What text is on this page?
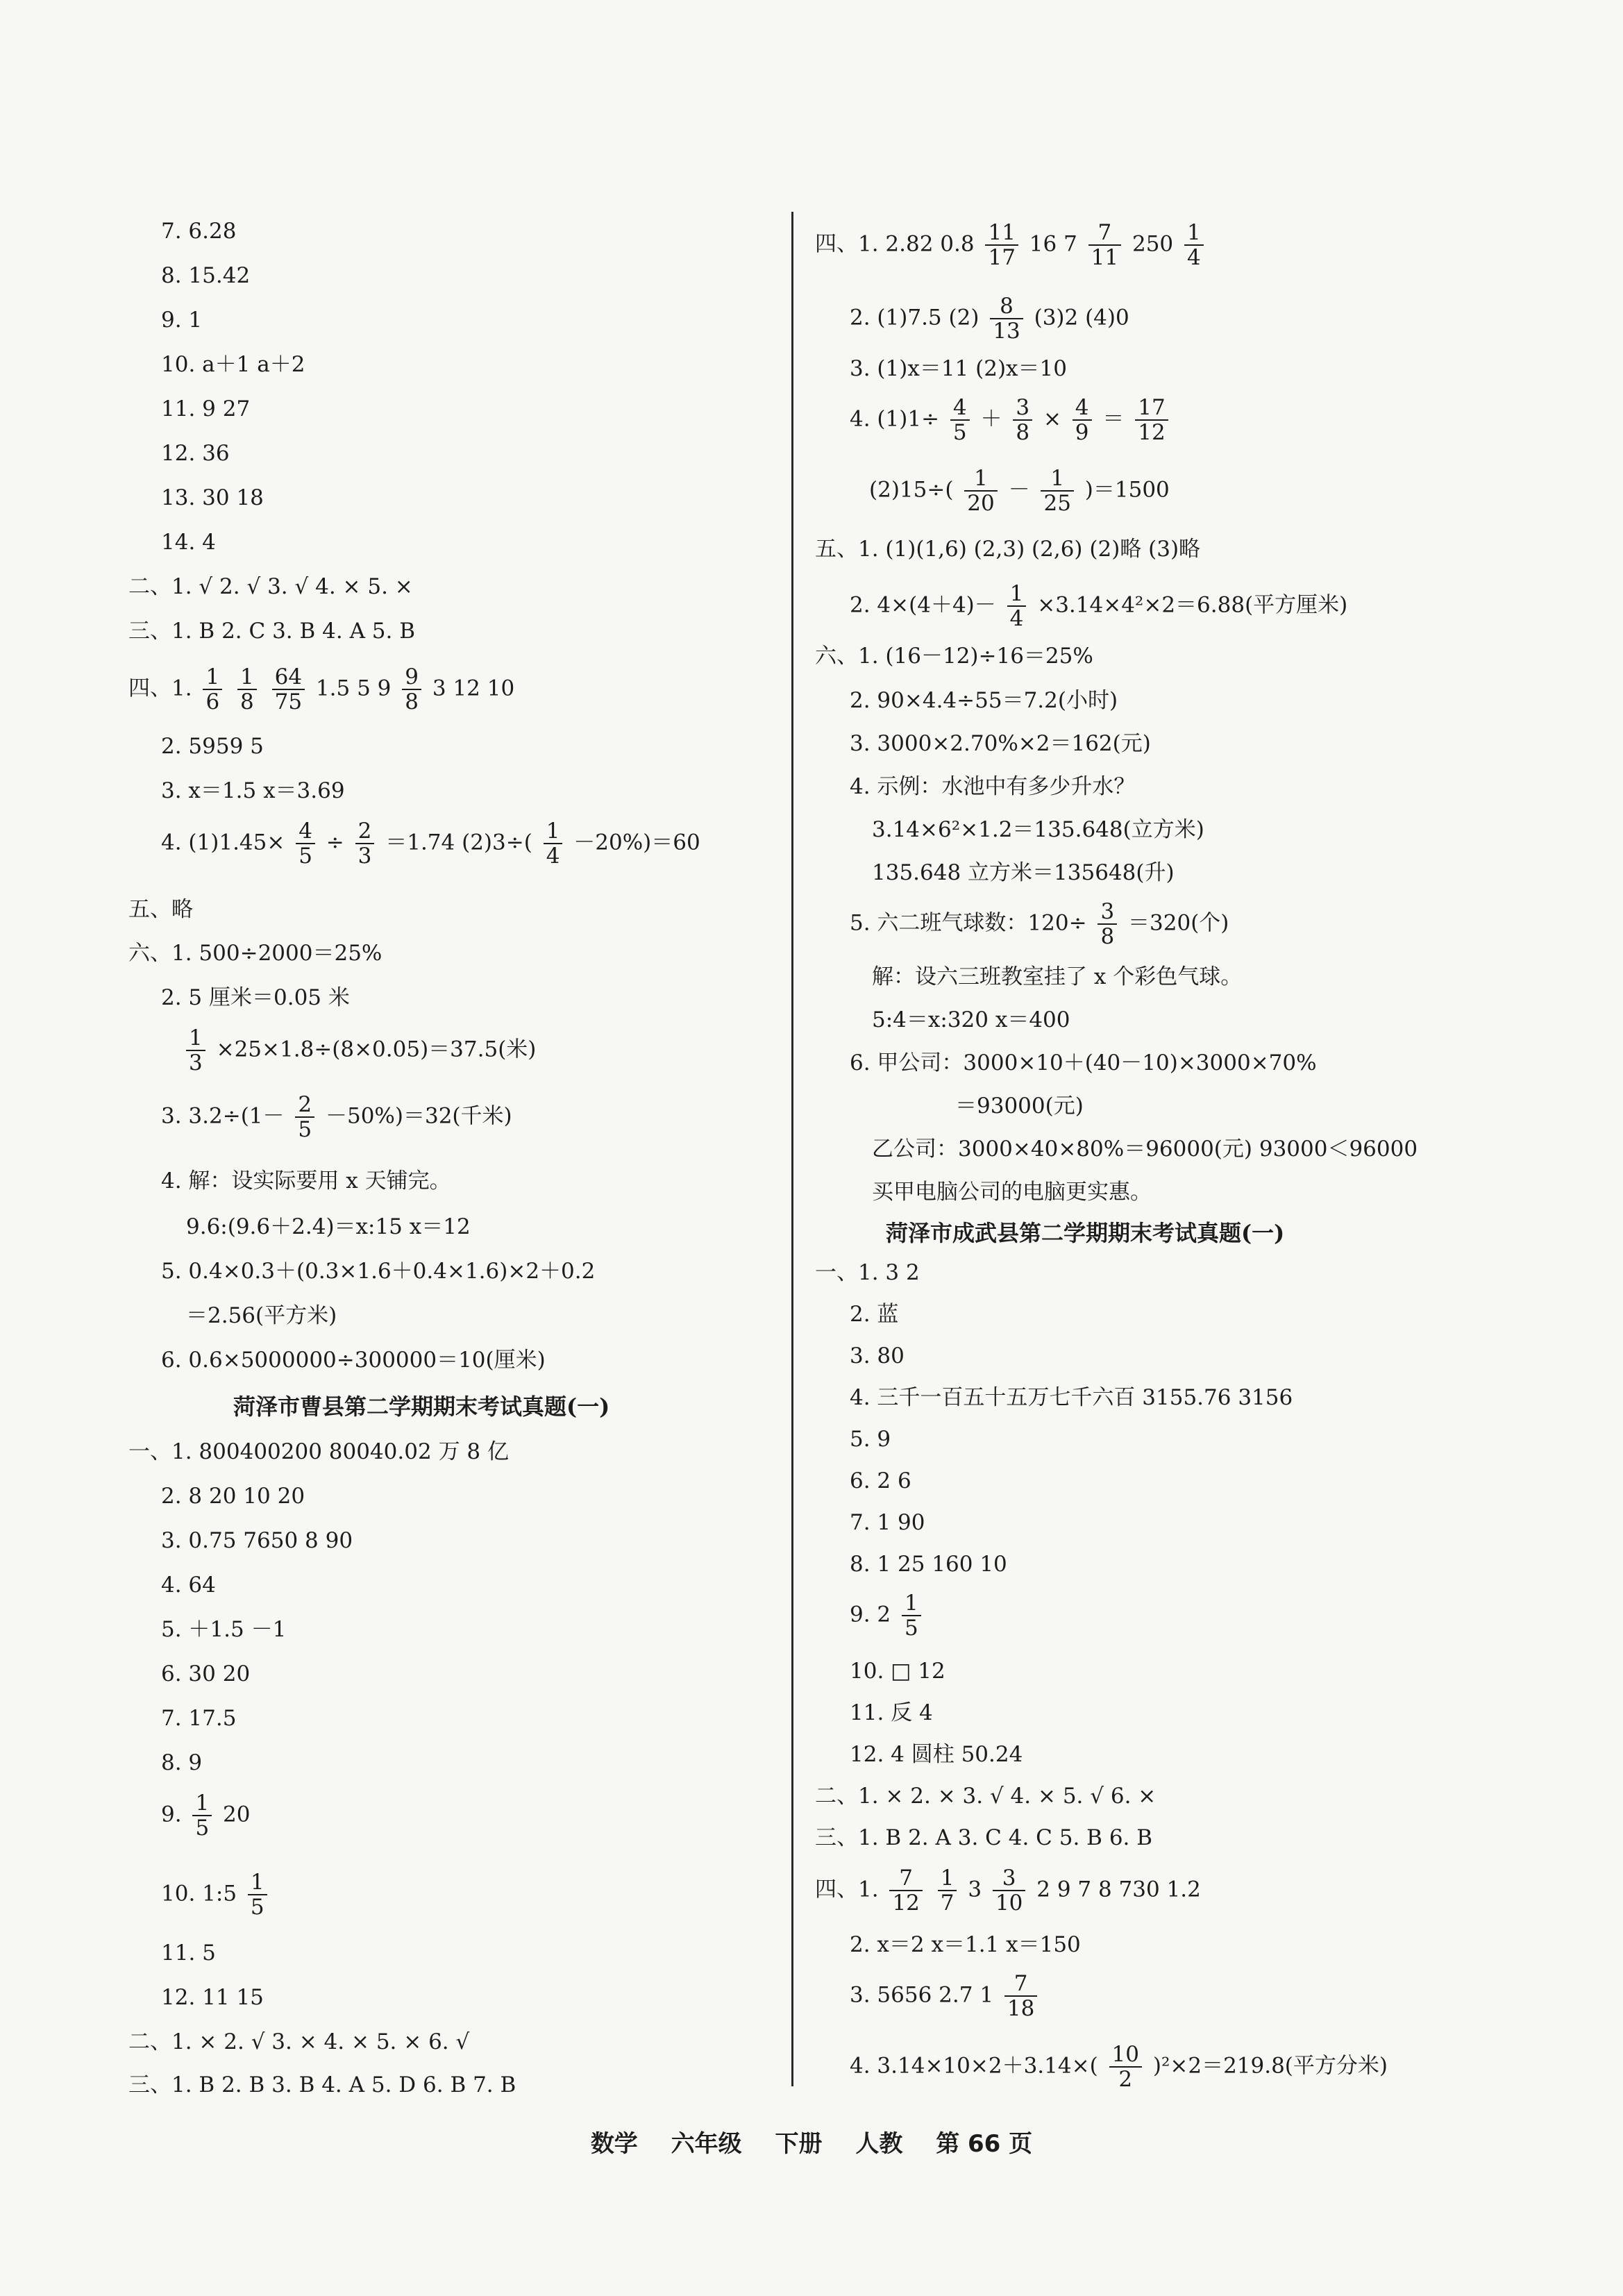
7. 6.28
8. 15.42
9. 1
10. a＋1 a＋2
11. 9 27
12. 36
13. 30 18
14. 4
二、1. √ 2. √ 3. √ 4. × 5. ×
三、1. B 2. C 3. B 4. A 5. B
四、1. $\frac{1}{6}$
$\frac{1}{8}$
$\frac{64}{75} 1.5$ 5 $9 \frac{9}{8} 3$ 12 10
2. 5959 5
3. x＝1.5 x＝3.69
4. $(1)1.45\times \frac{4}{5} \div \frac{2}{3} =1.74$ $(2)3\div( \frac{1}{4} -20\%)=60$
五、略
六、1. 500÷2000＝25%
2. 5 厘米＝0.05 米
$\frac{1}{3} \times 25\times 1.8\div(8\times 0.05)=37.5$(米)
3. $3.2\div(1- \frac{2}{5} -50\%)=32$(千米)
4. 解：设实际要用 x 天铺完。
9.6:(9.6＋2.4)＝x:15 x＝12
5. 0.4×0.3＋(0.3×1.6＋0.4×1.6)×2＋0.2
＝2.56(平方米)
6. 0.6×5000000÷300000＝10(厘米)
菏泽市曹县第二学期期末考试真题(一)
一、1. 800400200 80040.02 万 8 亿
2. 8 20 10 20
3. 0.75 7650 8 90
4. 64
5. ＋1.5 －1
6. 30 20
7. 17.5
8. 9
9. $\frac{1}{5} 20$
10. 1:5 $\frac{1}{5}$
11. 5
12. 11 15
二、1. × 2. √ 3. × 4. × 5. × 6. √
三、1. B 2. B 3. B 4. A 5. D 6. B 7. B
四、1. 2.82 $0.8 \frac{11}{17} 16$ $7 \frac{7}{11} 250 \frac{1}{4}$
2. (1)7.5 $(2) \frac{8}{13} (3)2$ (4)0
3. (1)x＝11 (2)x＝10
4. $(1)1\div \frac{4}{5} + \frac{3}{8} \times \frac{4}{9} = \frac{17}{12}$
$(2)15\div( \frac{1}{20} - \frac{1}{25} )=1500$
五、1. (1)(1,6) (2,3) (2,6) (2)略 (3)略
2. $4\times(4+4)- \frac{1}{4} \times 3.14\times 4^2\times 2=6.88$(平方厘米)
六、1. (16－12)÷16＝25%
2. 90×4.4÷55＝7.2(小时)
3. 3000×2.70%×2＝162(元)
4. 示例：水池中有多少升水？
3.14×6²×1.2＝135.648(立方米)
135.648 立方米＝135648(升)
5. 六二班气球数：$120\div \frac{3}{8} =320$(个)
解：设六三班教室挂了 x 个彩色气球。
5:4＝x:320 x＝400
6. 甲公司：3000×10＋(40－10)×3000×70%
＝93000(元)
乙公司：3000×40×80%＝96000(元) 93000＜96000
买甲电脑公司的电脑更实惠。
菏泽市成武县第二学期期末考试真题(一)
一、1. 3 2
2. 蓝
3. 80
4. 三千一百五十五万七千六百 3155.76 3156
5. 9
6. 2 6
7. 1 90
8. 1 25 160 10
9. $2 \frac{1}{5}$
10. □ 12
11. 反 4
12. 4 圆柱 50.24
二、1. × 2. × 3. √ 4. × 5. √ 6. ×
三、1. B 2. A 3. C 4. C 5. B 6. B
四、1. $\frac{7}{12}$
$\frac{1}{7} 3 \frac{3}{10} 2$ 9 7 8 730 1.2
2. x＝2 x＝1.1 x＝150
3. 5656 2.7 $1 \frac{7}{18}$
4. $3.14\times 10\times 2+3.14\times( \frac{10}{2} )^2\times 2=219.8$(平方分米)
数学 六年级 下册 人教 第 66 页
